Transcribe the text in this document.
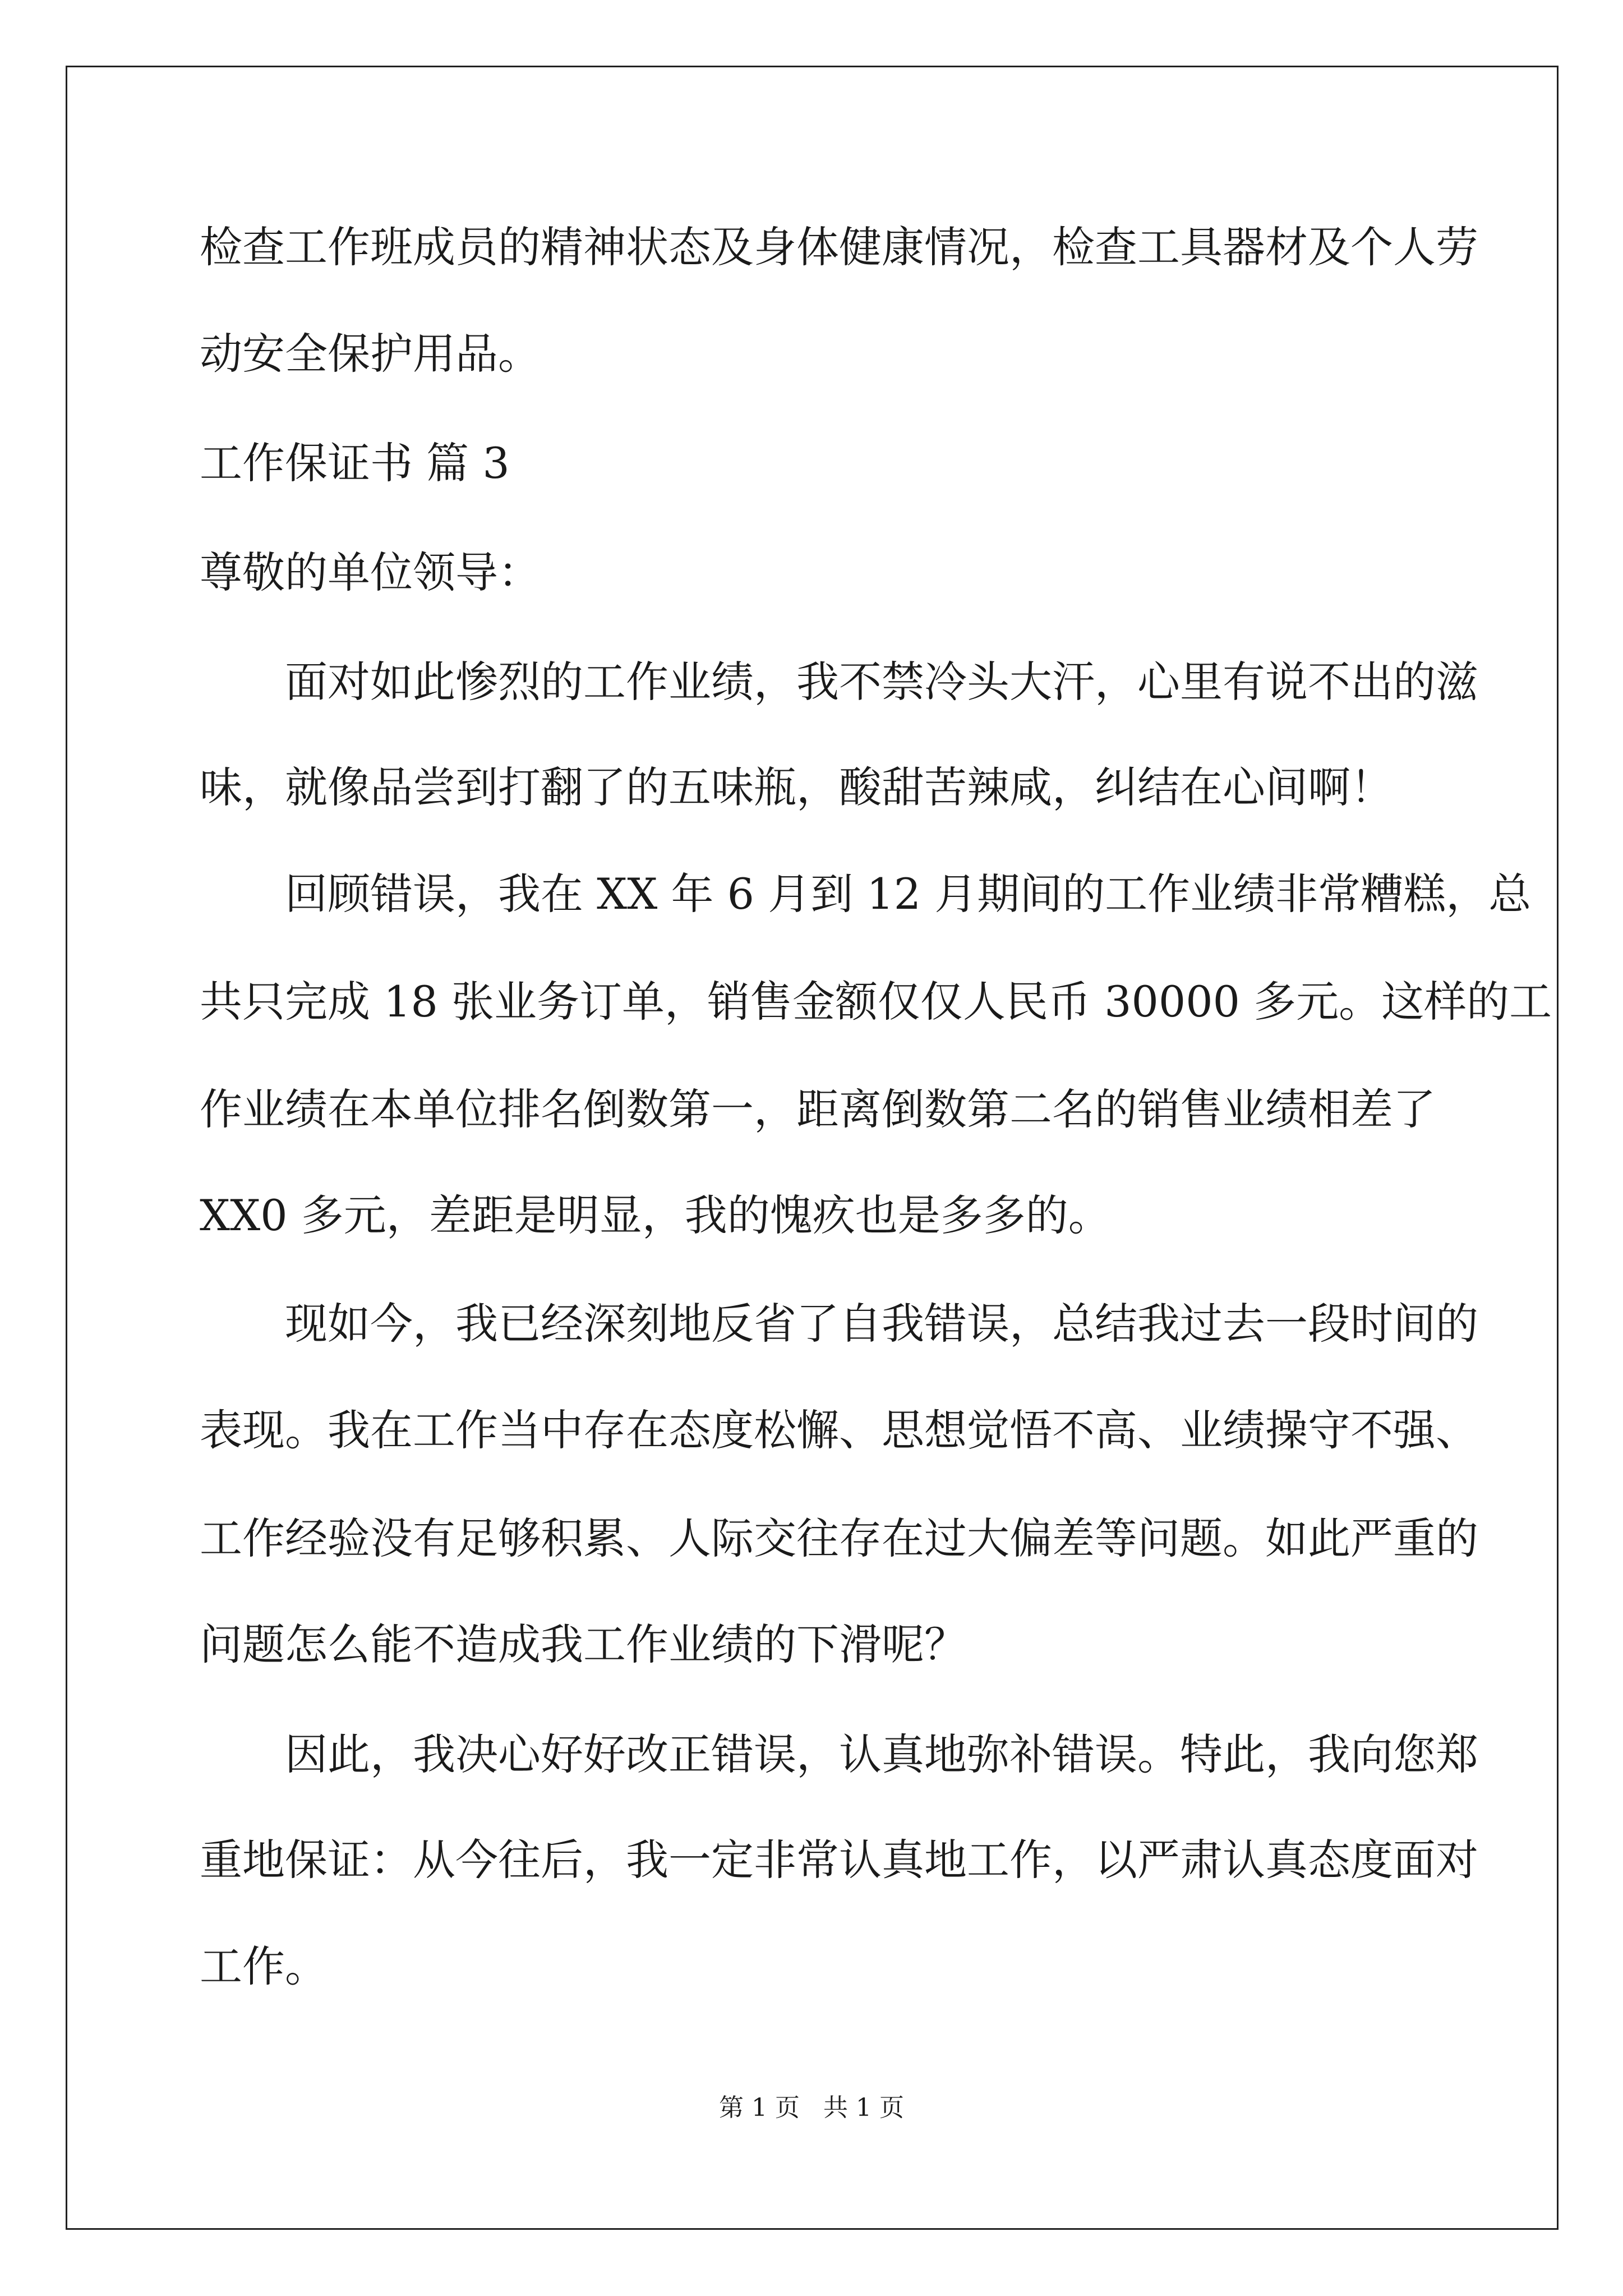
检查工作班成员的精神状态及身体健康情况，检查工具器材及个人劳
动安全保护用品。
工作保证书 篇 3
尊敬的单位领导：
面对如此惨烈的工作业绩，我不禁冷头大汗，心里有说不出的滋
味，就像品尝到打翻了的五味瓶，酸甜苦辣咸，纠结在心间啊！
回顾错误，我在 XX 年 6 月到 12 月期间的工作业绩非常糟糕，总
共只完成 18 张业务订单，销售金额仅仅人民币 30000 多元。这样的工
作业绩在本单位排名倒数第一，距离倒数第二名的销售业绩相差了
XX0 多元，差距是明显，我的愧疚也是多多的。
现如今，我已经深刻地反省了自我错误，总结我过去一段时间的
表现。我在工作当中存在态度松懈、思想觉悟不高、业绩操守不强、
工作经验没有足够积累、人际交往存在过大偏差等问题。如此严重的
问题怎么能不造成我工作业绩的下滑呢？
因此，我决心好好改正错误，认真地弥补错误。特此，我向您郑
重地保证：从今往后，我一定非常认真地工作，以严肃认真态度面对
工作。
第 1 页   共 1 页
